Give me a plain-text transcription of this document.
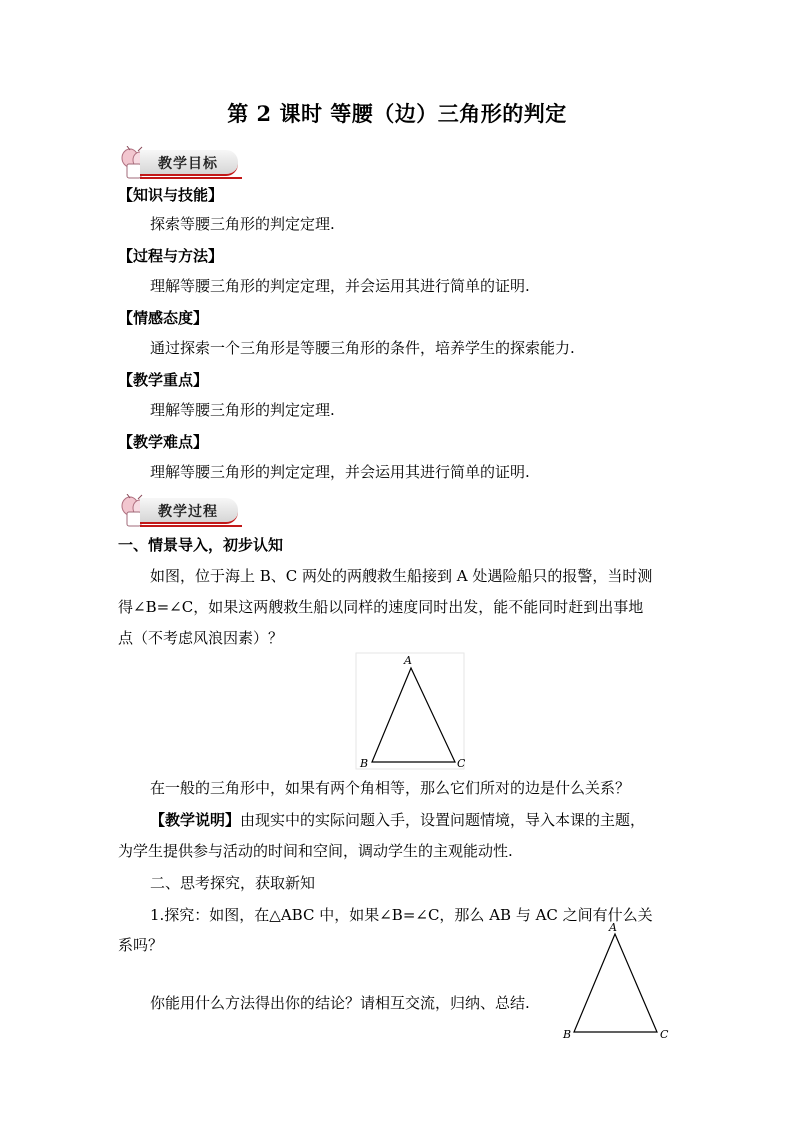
第 2 课时 等腰（边）三角形的判定
教学目标
【知识与技能】
探索等腰三角形的判定定理.
【过程与方法】
理解等腰三角形的判定定理，并会运用其进行简单的证明.
【情感态度】
通过探索一个三角形是等腰三角形的条件，培养学生的探索能力.
【教学重点】
理解等腰三角形的判定定理.
【教学难点】
理解等腰三角形的判定定理，并会运用其进行简单的证明.
教学过程
一、情景导入，初步认知
如图，位于海上 B、C 两处的两艘救生船接到 A 处遇险船只的报警，当时测
得∠B=∠C，如果这两艘救生船以同样的速度同时出发，能不能同时赶到出事地
点（不考虑风浪因素）？
A
B	C
在一般的三角形中，如果有两个角相等，那么它们所对的边是什么关系？
【教学说明】由现实中的实际问题入手，设置问题情境，导入本课的主题，
为学生提供参与活动的时间和空间，调动学生的主观能动性.
二、思考探究，获取新知
1.探究：如图，在△ABC 中，如果∠B=∠C，那么 AB 与 AC 之间有什么关
系吗？
A
B	C
你能用什么方法得出你的结论？请相互交流，归纳、总结.
